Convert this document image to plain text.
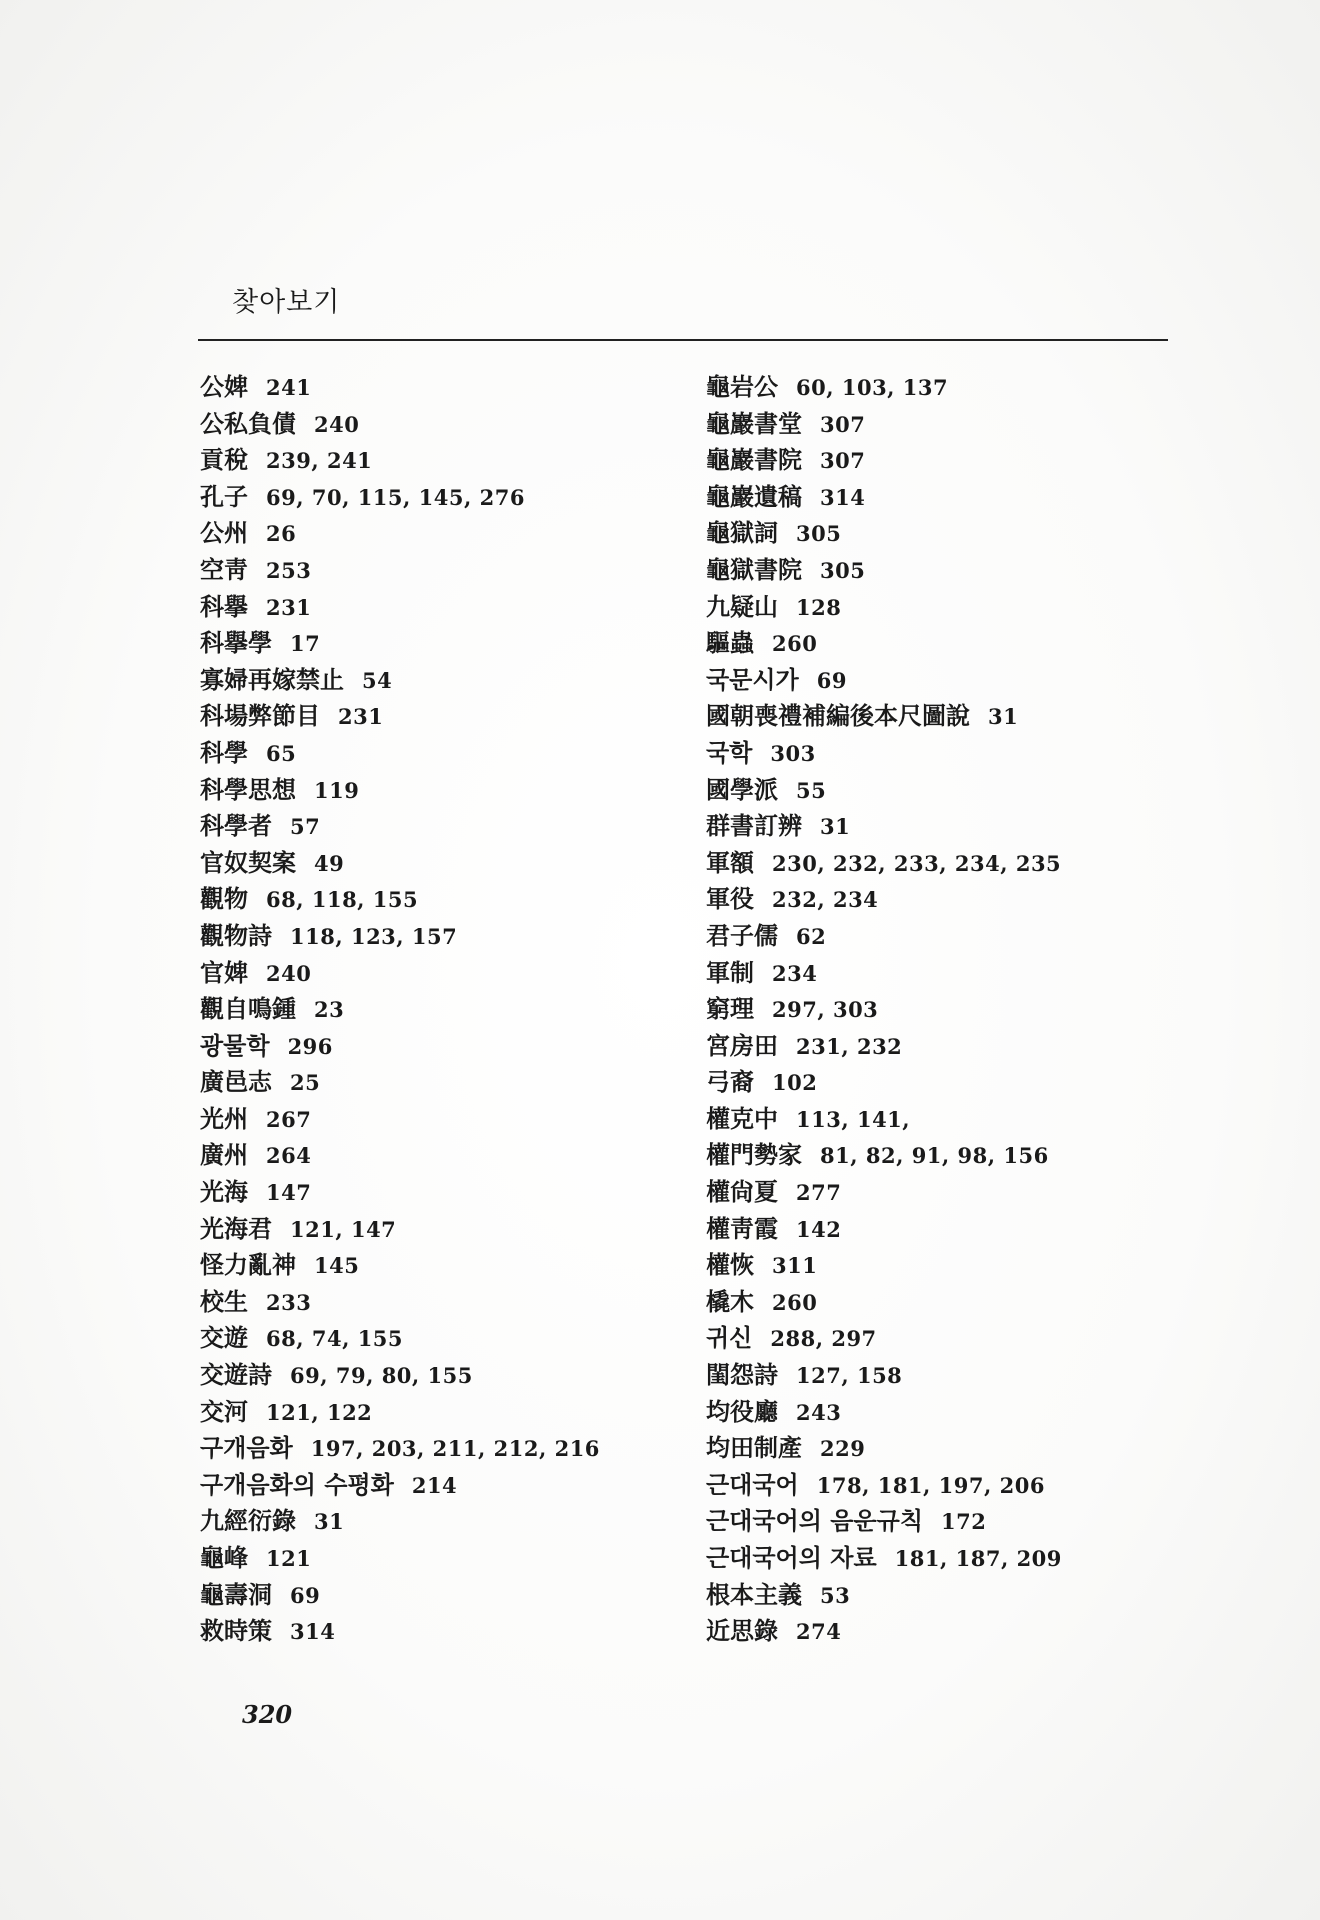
찾아보기
公婢 241
公私負債 240
貢稅 239, 241
孔子 69, 70, 115, 145, 276
公州 26
空靑 253
科擧 231
科擧學 17
寡婦再嫁禁止 54
科場弊節目 231
科學 65
科學思想 119
科學者 57
官奴契案 49
觀物 68, 118, 155
觀物詩 118, 123, 157
官婢 240
觀自鳴鍾 23
광물학 296
廣邑志 25
光州 267
廣州 264
光海 147
光海君 121, 147
怪力亂神 145
校生 233
交遊 68, 74, 155
交遊詩 69, 79, 80, 155
交河 121, 122
구개음화 197, 203, 211, 212, 216
구개음화의 수평화 214
九經衍錄 31
龜峰 121
龜壽洞 69
救時策 314
龜岩公 60, 103, 137
龜巖書堂 307
龜巖書院 307
龜巖遺稿 314
龜獄詞 305
龜獄書院 305
九疑山 128
驅蟲 260
국문시가 69
國朝喪禮補編後本尺圖說 31
국학 303
國學派 55
群書訂辨 31
軍額 230, 232, 233, 234, 235
軍役 232, 234
君子儒 62
軍制 234
窮理 297, 303
宮房田 231, 232
弓裔 102
權克中 113, 141,
權門勢家 81, 82, 91, 98, 156
權尙夏 277
權靑霞 142
權恢 311
橇木 260
귀신 288, 297
閨怨詩 127, 158
均役廳 243
均田制產 229
근대국어 178, 181, 197, 206
근대국어의 음운규칙 172
근대국어의 자료 181, 187, 209
根本主義 53
近思錄 274
320
